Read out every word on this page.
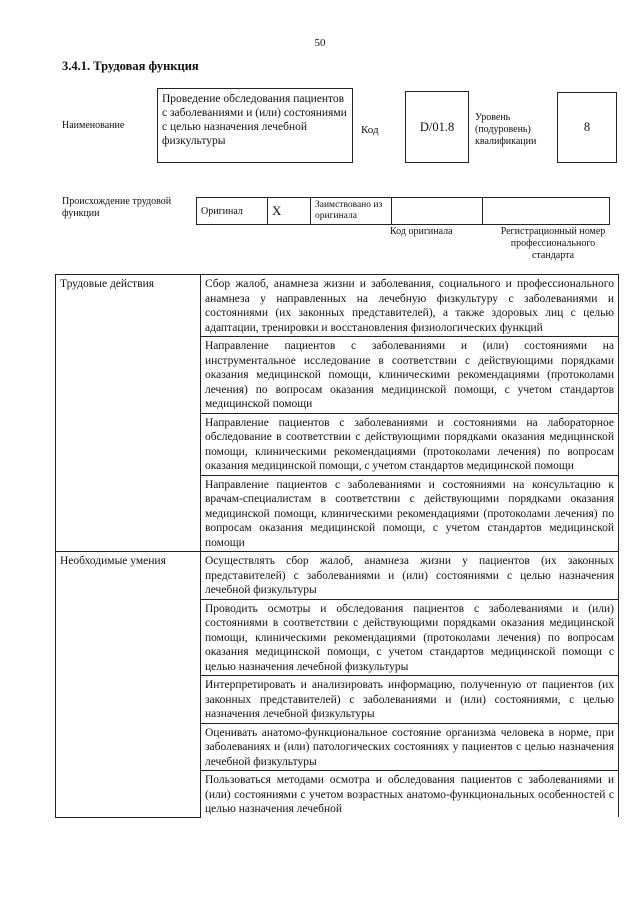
50
3.4.1. Трудовая функция
Наименование
Проведение обследования пациентов с заболеваниями и (или) состояниями с целью назначения лечебной физкультуры
Код	D/01.8
Уровень (подуровень) квалификации
8
Происхождение трудовой функции	Оригинал	X	Заимствовано из оригинала		
Код оригинала	Регистрационный номер профессионального стандарта
Трудовые действия	Сбор жалоб, анамнеза жизни и заболевания, социального и профессионального анамнеза у направленных на лечебную физкультуру с заболеваниями и состояниями (их законных представителей), а также здоровых лиц с целью адаптации, тренировки и восстановления физиологических функций
	Направление пациентов с заболеваниями и (или) состояниями на инструментальное исследование в соответствии с действующими порядками оказания медицинской помощи, клиническими рекомендациями (протоколами лечения) по вопросам оказания медицинской помощи, с учетом стандартов медицинской помощи
	Направление пациентов с заболеваниями и состояниями на лабораторное обследование в соответствии с действующими порядками оказания медицинской помощи, клиническими рекомендациями (протоколами лечения) по вопросам оказания медицинской помощи, с учетом стандартов медицинской помощи
	Направление пациентов с заболеваниями и состояниями на консультацию к врачам-специалистам в соответствии с действующими порядками оказания медицинской помощи, клиническими рекомендациями (протоколами лечения) по вопросам оказания медицинской помощи, с учетом стандартов медицинской помощи
Необходимые умения	Осуществлять сбор жалоб, анамнеза жизни у пациентов (их законных представителей) с заболеваниями и (или) состояниями с целью назначения лечебной физкультуры
	Проводить осмотры и обследования пациентов с заболеваниями и (или) состояниями в соответствии с действующими порядками оказания медицинской помощи, клиническими рекомендациями (протоколами лечения) по вопросам оказания медицинской помощи, с учетом стандартов медицинской помощи с целью назначения лечебной физкультуры
	Интерпретировать и анализировать информацию, полученную от пациентов (их законных представителей) с заболеваниями и (или) состояниями, с целью назначения лечебной физкультуры
	Оценивать анатомо-функциональное состояние организма человека в норме, при заболеваниях и (или) патологических состояниях у пациентов с целью назначения лечебной физкультуры

	Пользоваться методами осмотра и обследования пациентов с заболеваниями и (или) состояниями с учетом возрастных анатомо-функциональных особенностей с целью назначения лечебной
